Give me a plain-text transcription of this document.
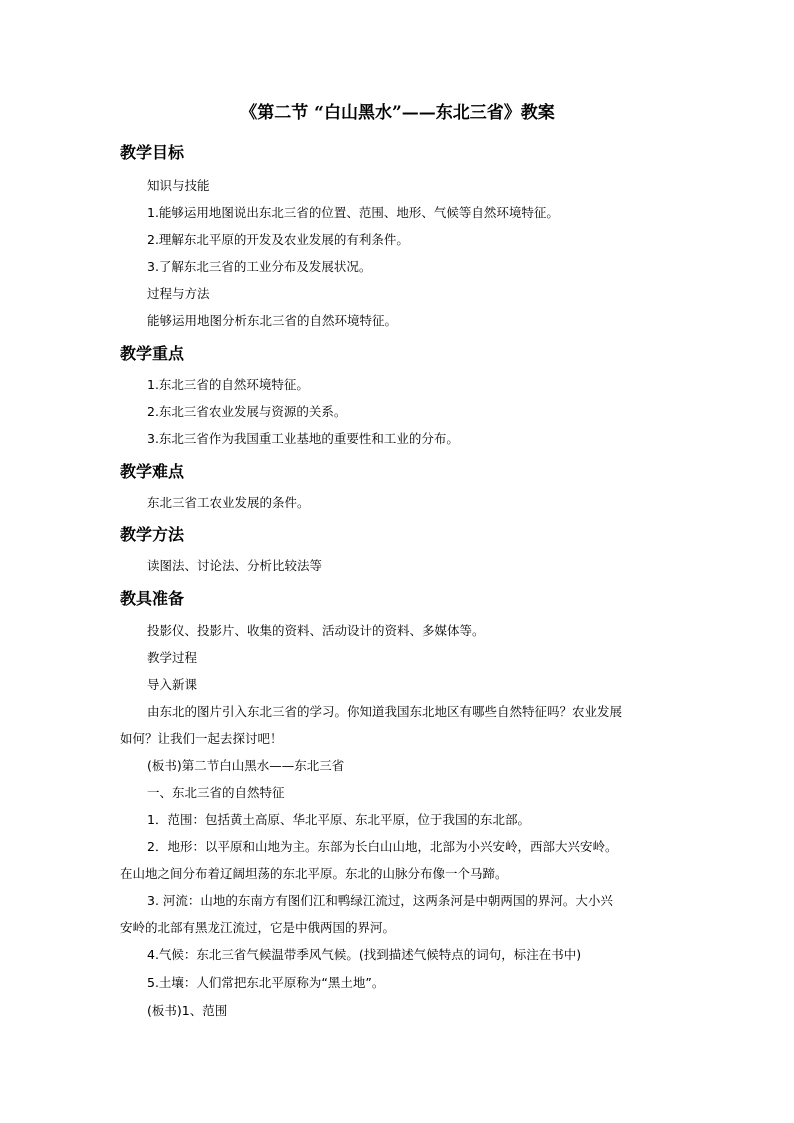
《第二节 “白山黑水”——东北三省》教案
教学目标
知识与技能
1.能够运用地图说出东北三省的位置、范围、地形、气候等自然环境特征。
2.理解东北平原的开发及农业发展的有利条件。
3.了解东北三省的工业分布及发展状况。
过程与方法
能够运用地图分析东北三省的自然环境特征。
教学重点
1.东北三省的自然环境特征。
2.东北三省农业发展与资源的关系。
3.东北三省作为我国重工业基地的重要性和工业的分布。
教学难点
东北三省工农业发展的条件。
教学方法
读图法、讨论法、分析比较法等
教具准备
投影仪、投影片、收集的资料、活动设计的资料、多媒体等。
教学过程
导入新课
由东北的图片引入东北三省的学习。你知道我国东北地区有哪些自然特征吗？农业发展
如何？让我们一起去探讨吧！
(板书)第二节白山黑水——东北三省
一、东北三省的自然特征
1．范围：包括黄土高原、华北平原、东北平原，位于我国的东北部。
2．地形：以平原和山地为主。东部为长白山山地，北部为小兴安岭，西部大兴安岭。
在山地之间分布着辽阔坦荡的东北平原。东北的山脉分布像一个马蹄。
3. 河流：山地的东南方有图们江和鸭绿江流过，这两条河是中朝两国的界河。大小兴
安岭的北部有黑龙江流过，它是中俄两国的界河。
4.气候：东北三省气候温带季风气候。(找到描述气候特点的词句，标注在书中)
5.土壤：人们常把东北平原称为“黑土地”。
(板书)1、范围
